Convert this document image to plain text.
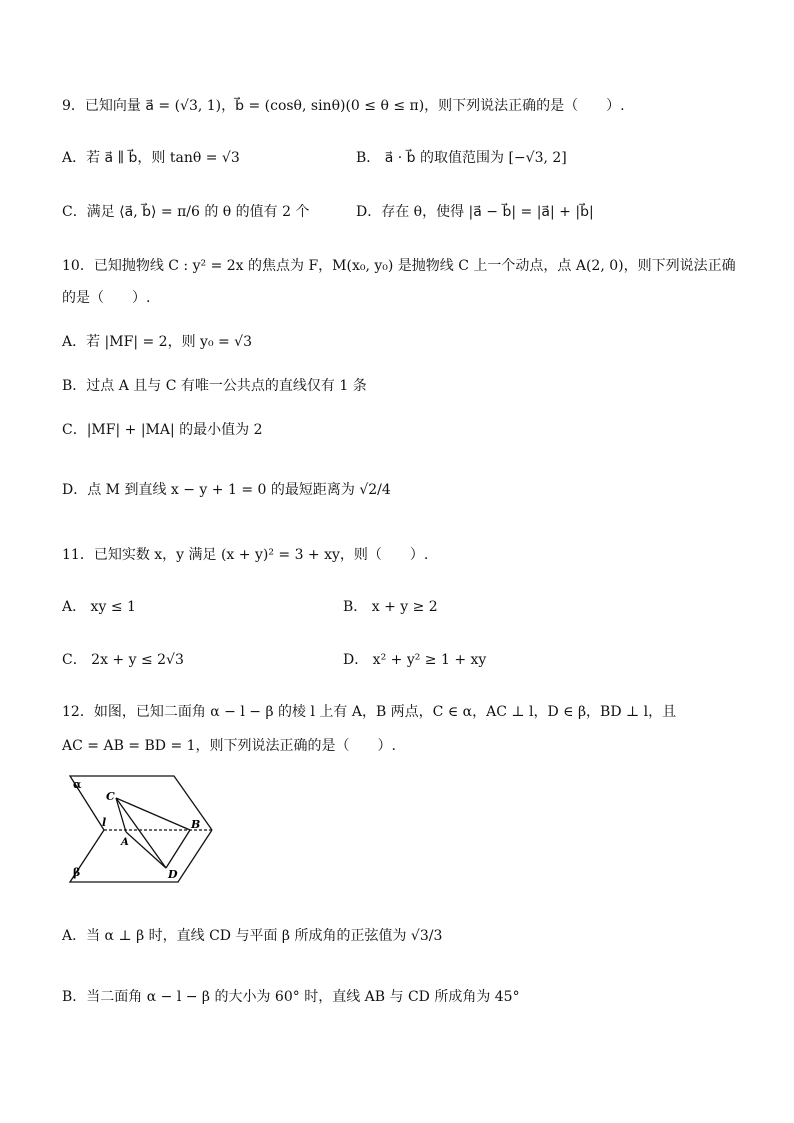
9．已知向量 a⃗ = (√3, 1)，b⃗ = (cosθ, sinθ)(0 ≤ θ ≤ π)，则下列说法正确的是（　　）.
A．若 a⃗ ∥ b⃗，则 tanθ = √3	B． a⃗ · b⃗ 的取值范围为 [−√3, 2]
C．满足 ⟨a⃗, b⃗⟩ = π/6 的 θ 的值有 2 个	D．存在 θ，使得 |a⃗ − b⃗| = |a⃗| + |b⃗|
10．已知抛物线 C : y² = 2x 的焦点为 F，M(x₀, y₀) 是抛物线 C 上一个动点，点 A(2, 0)，则下列说法正确
的是（　　）.
A．若 |MF| = 2，则 y₀ = √3
B．过点 A 且与 C 有唯一公共点的直线仅有 1 条
C．|MF| + |MA| 的最小值为 2
D．点 M 到直线 x − y + 1 = 0 的最短距离为 √2/4
11．已知实数 x，y 满足 (x + y)² = 3 + xy，则（　　）.
A． xy ≤ 1	B． x + y ≥ 2
C． 2x + y ≤ 2√3	D． x² + y² ≥ 1 + xy
12．如图，已知二面角 α − l − β 的棱 l 上有 A，B 两点，C ∈ α，AC ⊥ l，D ∈ β，BD ⊥ l，且
AC = AB = BD = 1，则下列说法正确的是（　　）.
α
β
l
C
A
B
D
A．当 α ⊥ β 时，直线 CD 与平面 β 所成角的正弦值为 √3/3
B．当二面角 α − l − β 的大小为 60° 时，直线 AB 与 CD 所成角为 45°
